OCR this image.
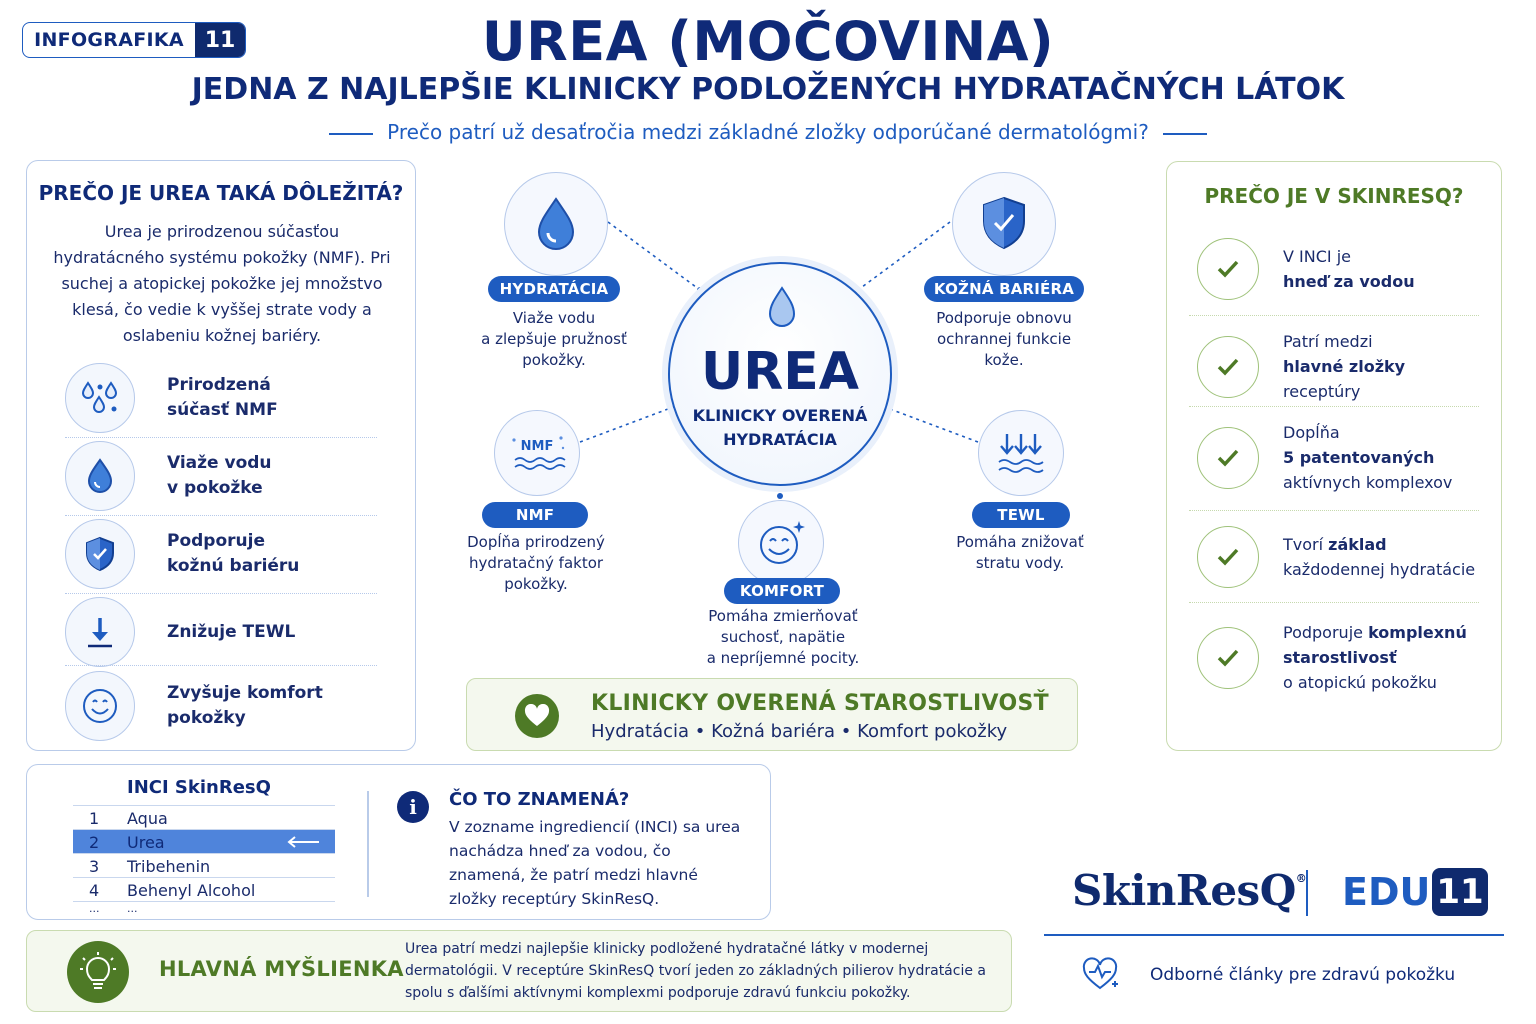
INFOGRAFIKA 11	UREA (MOČOVINA)
JEDNA Z NAJLEPŠIE KLINICKY PODLOŽENÝCH HYDRATAČNÝCH LÁTOK
Prečo patrí už desaťročia medzi základné zložky odporúčané dermatológmi?
PREČO JE UREA TAKÁ DÔLEŽITÁ?
Urea je prirodzenou súčasťou hydratácného systému pokožky (NMF). Pri suchej a atopickej pokožke jej množstvo klesá, čo vedie k vyššej strate vody a oslabeniu kožnej bariéry.
Prirodzená
súčasť NMF
Viaže vodu
v pokožke
Podporuje
kožnú bariéru
Znižuje TEWL
Zvyšuje komfort
pokožky
UREA
KLINICKY OVERENÁ
HYDRATÁCIA
HYDRATÁCIA
Viaže vodu
a zlepšuje pružnosť
pokožky.
KOŽNÁ BARIÉRA
Podporuje obnovu
ochrannej funkcie
kože.
NMF
NMF
Dopĺňa prirodzený
hydratačný faktor
pokožky.
TEWL
Pomáha znižovať
stratu vody.
KOMFORT
Pomáha zmierňovať
suchosť, napätie
a nepríjemné pocity.
KLINICKY OVERENÁ STAROSTLIVOSŤ
Hydratácia • Kožná bariéra • Komfort pokožky
PREČO JE V SKINRESQ?
V INCI je
hneď za vodou
Patrí medzi
hlavné zložky receptúry
Dopĺňa
5 patentovaných
aktívnych komplexov
Tvorí základ
každodennej hydratácie
Podporuje komplexnú starostlivosť
o atopickú pokožku
INCI SkinResQ
1 Aqua
2 Urea
3 Tribehenin
4 Behenyl Alcohol
...	...
i	ČO TO ZNAMENÁ?
V zozname ingrediencií (INCI) sa urea nachádza hneď za vodou, čo znamená, že patrí medzi hlavné zložky receptúry SkinResQ.
HLAVNÁ MYŠLIENKA
Urea patrí medzi najlepšie klinicky podložené hydratačné látky v modernej dermatológii. V receptúre SkinResQ tvorí jeden zo základných pilierov hydratácie a spolu s ďalšími aktívnymi komplexmi podporuje zdravú funkciu pokožky.
SkinResQ® EDU 11
Odborné články pre zdravú pokožku
